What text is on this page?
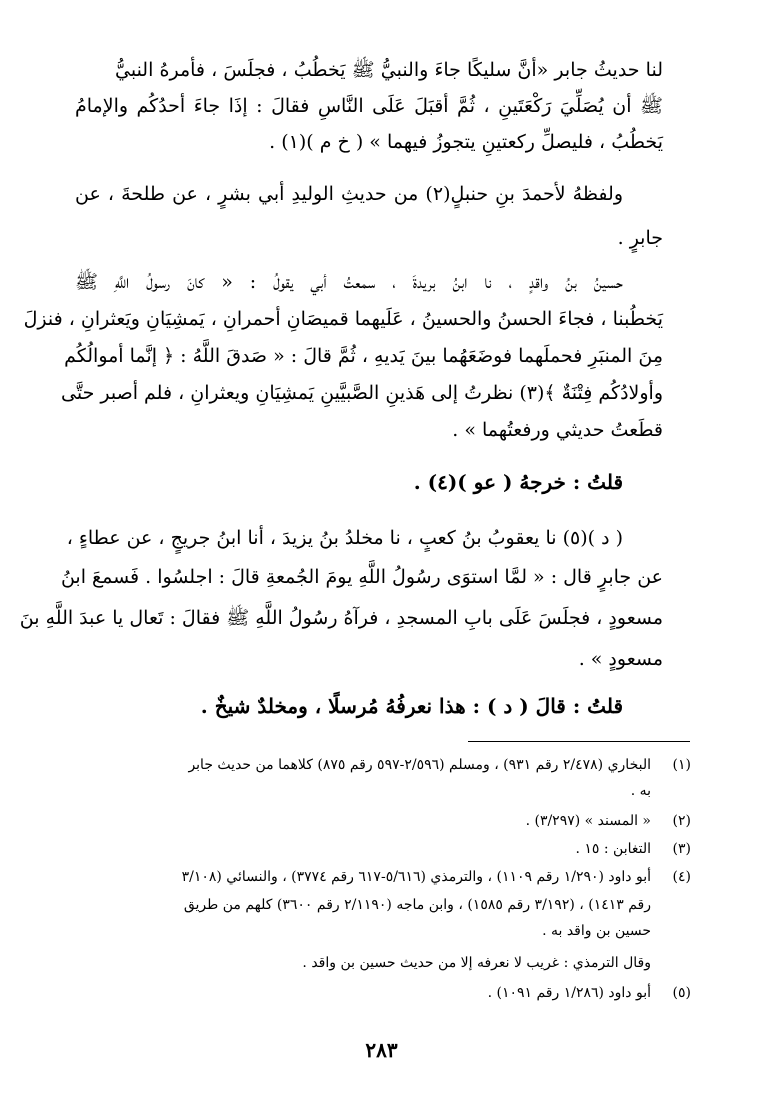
لنا حديثُ جابر «أنَّ سليكًا جاءَ والنبيُّ ﷺ يَخطُبُ ، فجلَسَ ، فأمرهُ النبيُّ
ﷺ أن يُصَلِّيَ رَكْعَتَينِ ، ثُمَّ أقبَلَ عَلَى النَّاسِ فقالَ : إذَا جاءَ أحدُكُم والإمامُ
يَخطُبُ ، فليصلِّ ركعتينِ يتجوزُ فيهما » ( خ م )(١) .
ولفظهُ لأحمدَ بنِ حنبلٍ(٢) من حديثِ الوليدِ أبي بشرٍ ، عن طلحةَ ، عن
جابرٍ .
حسينُ بنُ واقدٍ ، نا ابنُ بريدةَ ، سمعتُ أبي يقولُ : « كانَ رسولُ اللَّهِ ﷺ
يَخطُبنا ، فجاءَ الحسنُ والحسينُ ، عَلَيهما قميصَانِ أحمرانِ ، يَمشِيَانِ ويَعثرانِ ، فنزلَ
مِنَ المنبَرِ فحملَهما فوضَعَهُما بينَ يَديهِ ، ثُمَّ قالَ : « صَدقَ اللَّهُ : ﴿ إنَّما أموالُكُم
وأولادُكُم فِتْنَةٌ ﴾(٣) نظرتُ إلى هَذينِ الصَّبيَّينِ يَمشِيَانِ ويعثرانِ ، فلم أصبر حتَّى
قطَعتُ حديثي ورفعتُهما » .
قلتُ : خرجهُ ( عو )(٤) .
( د )(٥) نا يعقوبُ بنُ كعبٍ ، نا مخلدُ بنُ يزيدَ ، أنا ابنُ جريجٍ ، عن عطاءٍ ،
عن جابرٍ قال : « لمَّا استوَى رسُولُ اللَّهِ يومَ الجُمعةِ قالَ : اجلسُوا . فَسمعَ ابنُ
مسعودٍ ، فجلَسَ عَلَى بابِ المسجدِ ، فرآهُ رسُولُ اللَّهِ ﷺ فقالَ : تَعال يا عبدَ اللَّهِ بنَ
مسعودٍ » .
قلتُ : قالَ ( د ) : هذا نعرفُهُ مُرسلًا ، ومخلدٌ شيخٌ .
(١)
البخاري (٢/٤٧٨ رقم ٩٣١) ، ومسلم (٢/٥٩٦-٥٩٧ رقم ٨٧٥) كلاهما من حديث جابر
به .
(٢)
« المسند » (٣/٢٩٧) .
(٣)
التغابن : ١٥ .
(٤)
أبو داود (١/٢٩٠ رقم ١١٠٩) ، والترمذي (٥/٦١٦-٦١٧ رقم ٣٧٧٤) ، والنسائي (٣/١٠٨
رقم ١٤١٣) ، (٣/١٩٢ رقم ١٥٨٥) ، وابن ماجه (٢/١١٩٠ رقم ٣٦٠٠) كلهم من طريق
حسين بن واقد به .
وقال الترمذي : غريب لا نعرفه إلا من حديث حسين بن واقد .
(٥)
أبو داود (١/٢٨٦ رقم ١٠٩١) .
٢٨٣
